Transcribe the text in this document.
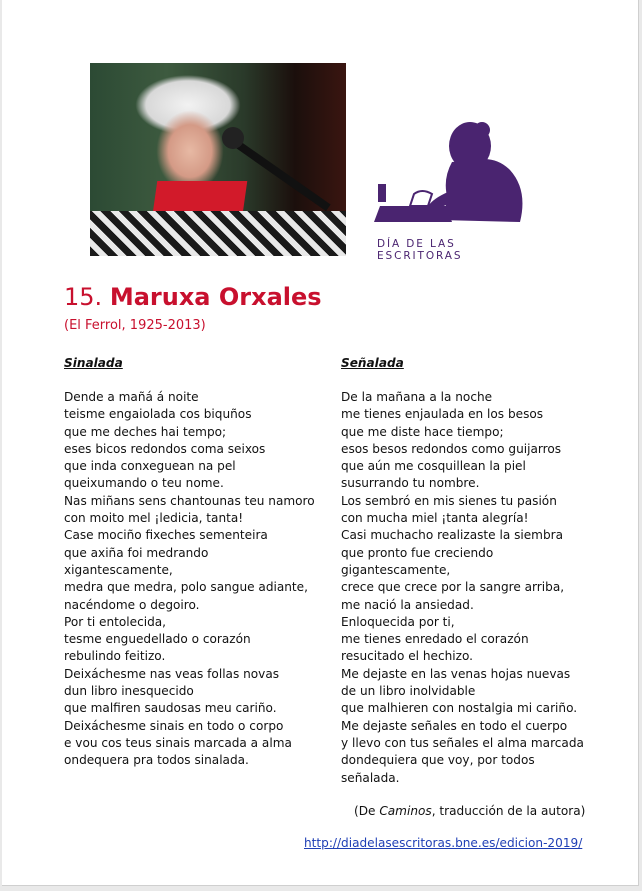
DÍA DE LAS ESCRITORAS
15. Maruxa Orxales
(El Ferrol, 1925-2013)
Sinalada
Dende a mañá á noite
teisme engaiolada cos biquños
que me deches hai tempo;
eses bicos redondos coma seixos
que inda conxeguean na pel
queixumando o teu nome.
Nas miñans sens chantounas teu namoro
con moito mel ¡ledicia, tanta!
Case mociño fixeches sementeira
que axiña foi medrando
xigantescamente,
medra que medra, polo sangue adiante,
nacéndome o degoiro.
Por ti entolecida,
tesme enguedellado o corazón
rebulindo feitizo.
Deixáchesme nas veas follas novas
dun libro inesquecido
que malfiren saudosas meu cariño.
Deixáchesme sinais en todo o corpo
e vou cos teus sinais marcada a alma
ondequera pra todos sinalada.
Señalada
De la mañana a la noche
me tienes enjaulada en los besos
que me diste hace tiempo;
esos besos redondos como guijarros
que aún me cosquillean la piel
susurrando tu nombre.
Los sembró en mis sienes tu pasión
con mucha miel ¡tanta alegría!
Casi muchacho realizaste la siembra
que pronto fue creciendo
gigantescamente,
crece que crece por la sangre arriba,
me nació la ansiedad.
Enloquecida por ti,
me tienes enredado el corazón
resucitado el hechizo.
Me dejaste en las venas hojas nuevas
de un libro inolvidable
que malhieren con nostalgia mi cariño.
Me dejaste señales en todo el cuerpo
y llevo con tus señales el alma marcada
dondequiera que voy, por todos
señalada.
(De Caminos, traducción de la autora)
http://diadelasescritoras.bne.es/edicion-2019/
